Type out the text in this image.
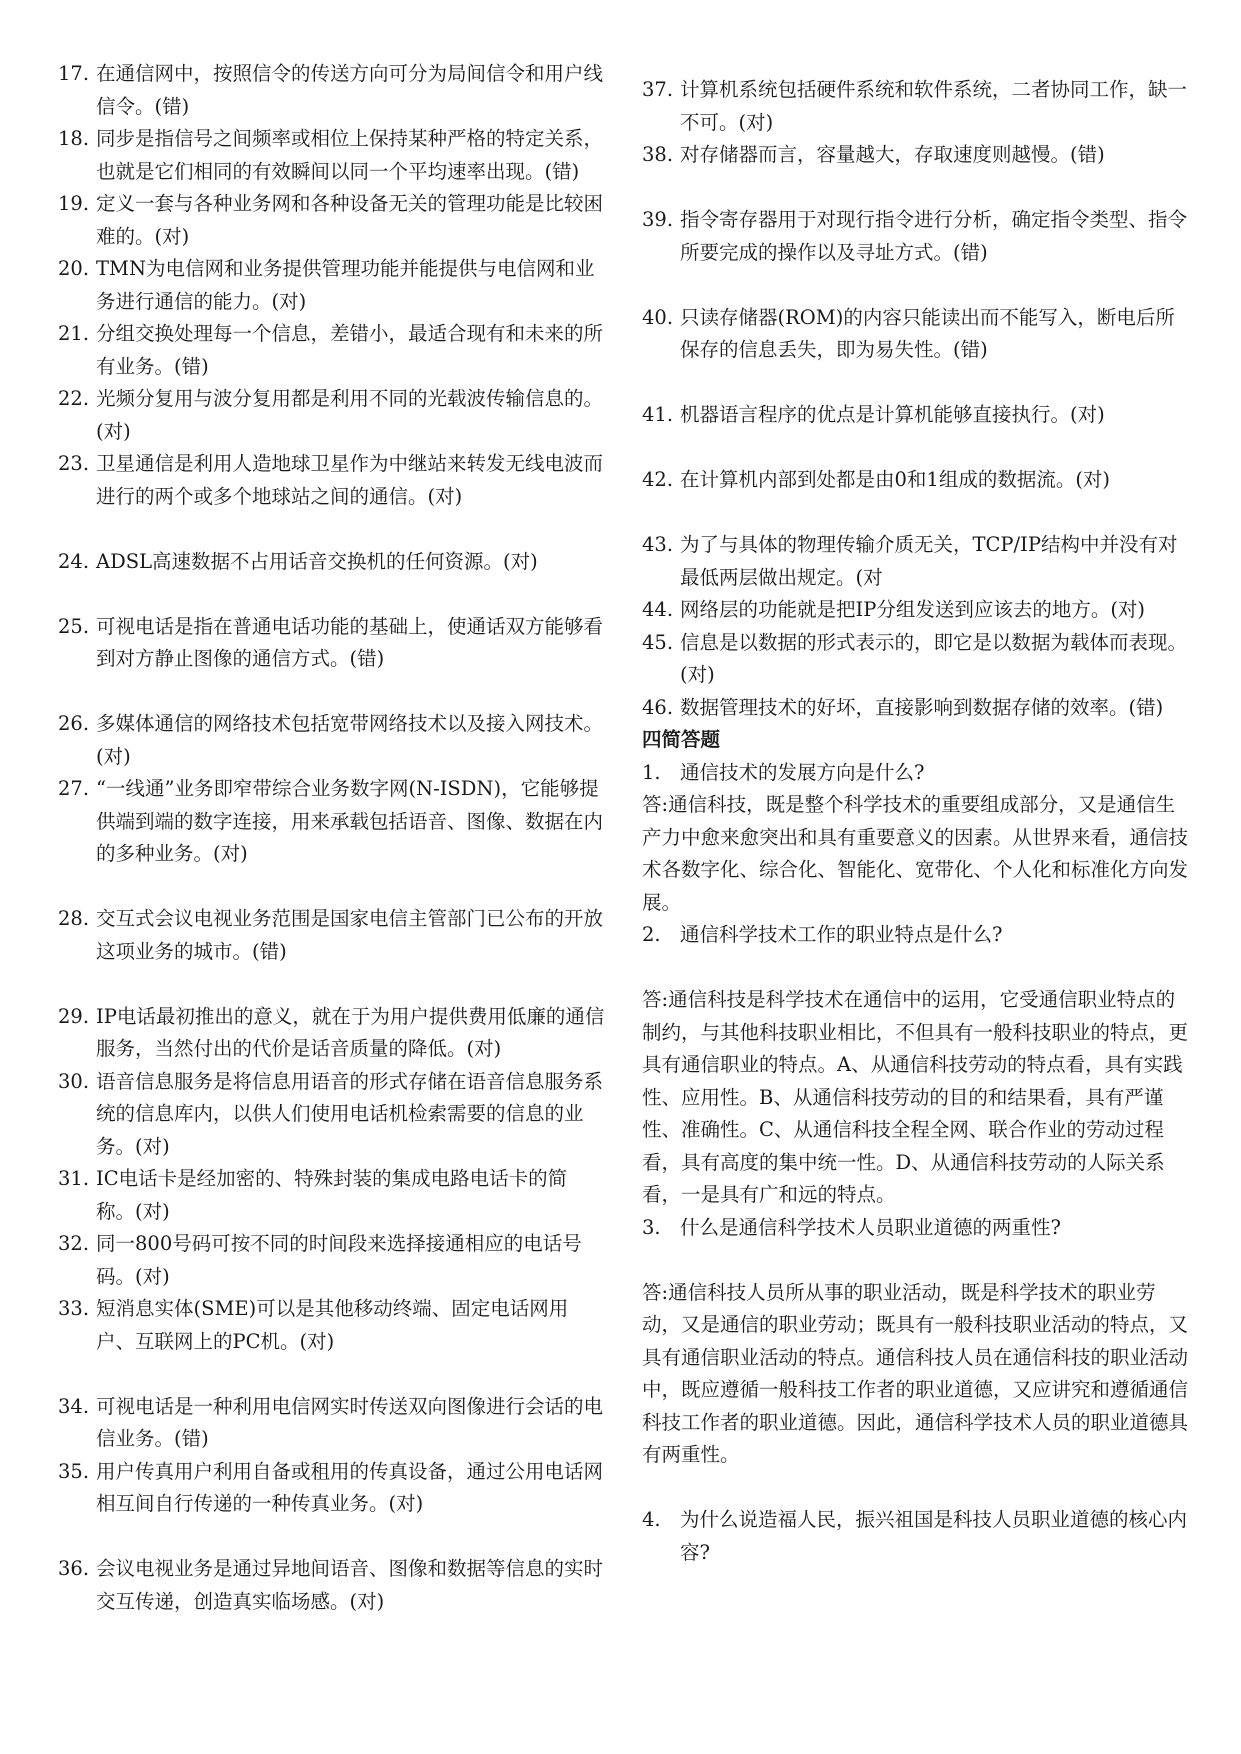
17. 在通信网中，按照信令的传送方向可分为局间信令和用户线信令。(错)
18. 同步是指信号之间频率或相位上保持某种严格的特定关系，也就是它们相同的有效瞬间以同一个平均速率出现。(错)
19. 定义一套与各种业务网和各种设备无关的管理功能是比较困难的。(对)
20. TMN为电信网和业务提供管理功能并能提供与电信网和业务进行通信的能力。(对)
21. 分组交换处理每一个信息，差错小，最适合现有和未来的所有业务。(错)
22. 光频分复用与波分复用都是利用不同的光载波传输信息的。(对)
23. 卫星通信是利用人造地球卫星作为中继站来转发无线电波而进行的两个或多个地球站之间的通信。(对)
24. ADSL高速数据不占用话音交换机的任何资源。(对)
25. 可视电话是指在普通电话功能的基础上，使通话双方能够看到对方静止图像的通信方式。(错)
26. 多媒体通信的网络技术包括宽带网络技术以及接入网技术。(对)
27. “一线通”业务即窄带综合业务数字网(N-ISDN)，它能够提供端到端的数字连接，用来承载包括语音、图像、数据在内的多种业务。(对)
28. 交互式会议电视业务范围是国家电信主管部门已公布的开放这项业务的城市。(错)
29. IP电话最初推出的意义，就在于为用户提供费用低廉的通信服务，当然付出的代价是话音质量的降低。(对)
30. 语音信息服务是将信息用语音的形式存储在语音信息服务系统的信息库内，以供人们使用电话机检索需要的信息的业务。(对)
31. IC电话卡是经加密的、特殊封装的集成电路电话卡的简称。(对)
32. 同一800号码可按不同的时间段来选择接通相应的电话号码。(对)
33. 短消息实体(SME)可以是其他移动终端、固定电话网用户、互联网上的PC机。(对)
34. 可视电话是一种利用电信网实时传送双向图像进行会话的电信业务。(错)
35. 用户传真用户利用自备或租用的传真设备，通过公用电话网相互间自行传递的一种传真业务。(对)
36. 会议电视业务是通过异地间语音、图像和数据等信息的实时交互传递，创造真实临场感。(对)
37. 计算机系统包括硬件系统和软件系统，二者协同工作，缺一不可。(对)
38. 对存储器而言，容量越大，存取速度则越慢。(错)
39. 指令寄存器用于对现行指令进行分析，确定指令类型、指令所要完成的操作以及寻址方式。(错)
40. 只读存储器(ROM)的内容只能读出而不能写入，断电后所保存的信息丢失，即为易失性。(错)
41. 机器语言程序的优点是计算机能够直接执行。(对)
42. 在计算机内部到处都是由0和1组成的数据流。(对)
43. 为了与具体的物理传输介质无关，TCP/IP结构中并没有对最低两层做出规定。(对
44. 网络层的功能就是把IP分组发送到应该去的地方。(对)
45. 信息是以数据的形式表示的，即它是以数据为载体而表现。(对)
46. 数据管理技术的好坏，直接影响到数据存储的效率。(错)
四简答题
1. 通信技术的发展方向是什么?
答:通信科技，既是整个科学技术的重要组成部分，又是通信生产力中愈来愈突出和具有重要意义的因素。从世界来看，通信技术各数字化、综合化、智能化、宽带化、个人化和标准化方向发展。
2. 通信科学技术工作的职业特点是什么?
答:通信科技是科学技术在通信中的运用，它受通信职业特点的制约，与其他科技职业相比，不但具有一般科技职业的特点，更具有通信职业的特点。A、从通信科技劳动的特点看，具有实践性、应用性。B、从通信科技劳动的目的和结果看，具有严谨性、准确性。C、从通信科技全程全网、联合作业的劳动过程看，具有高度的集中统一性。D、从通信科技劳动的人际关系看，一是具有广和远的特点。
3. 什么是通信科学技术人员职业道德的两重性?
答:通信科技人员所从事的职业活动，既是科学技术的职业劳动，又是通信的职业劳动；既具有一般科技职业活动的特点，又具有通信职业活动的特点。通信科技人员在通信科技的职业活动中，既应遵循一般科技工作者的职业道德，又应讲究和遵循通信科技工作者的职业道德。因此，通信科学技术人员的职业道德具有两重性。
4. 为什么说造福人民，振兴祖国是科技人员职业道德的核心内容?
